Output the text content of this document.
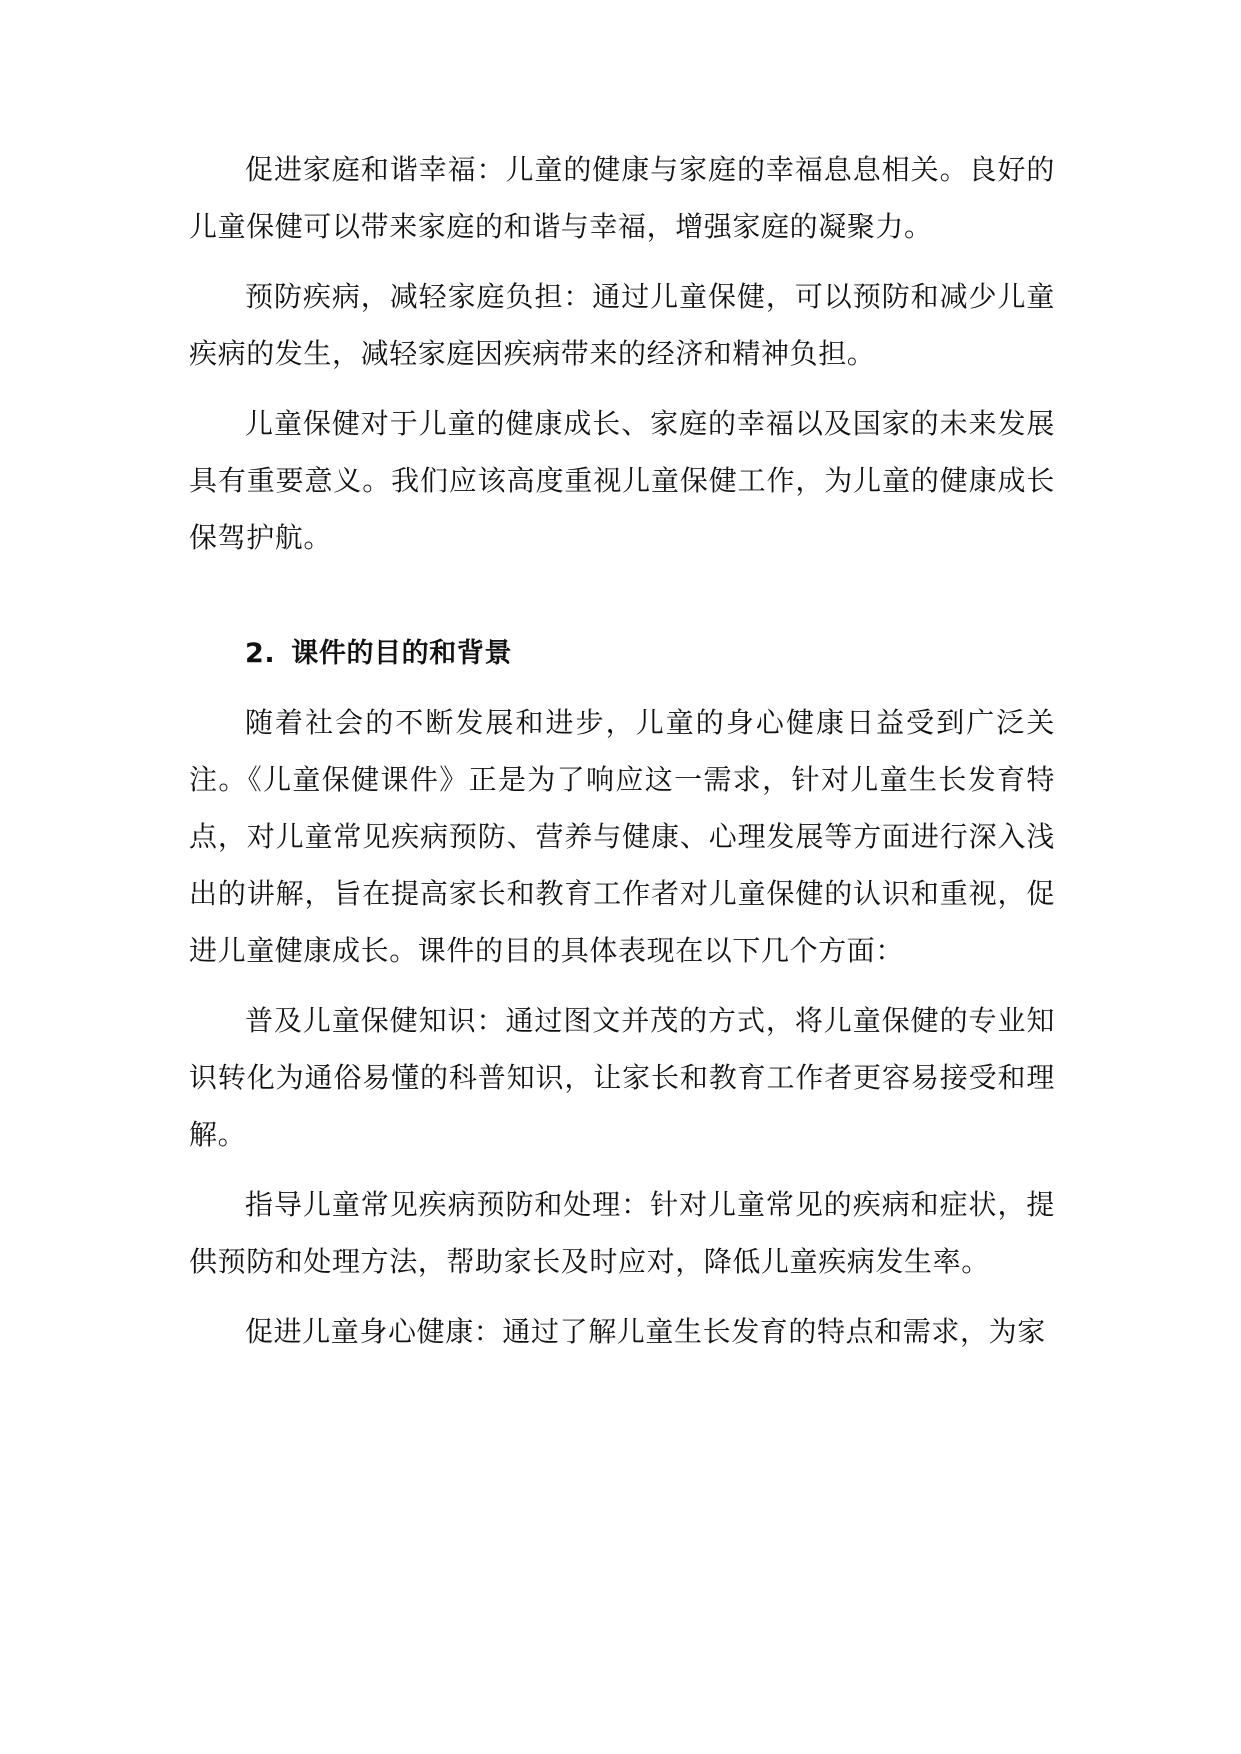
促进家庭和谐幸福：儿童的健康与家庭的幸福息息相关。良好的儿童保健可以带来家庭的和谐与幸福，增强家庭的凝聚力。

预防疾病，减轻家庭负担：通过儿童保健，可以预防和减少儿童疾病的发生，减轻家庭因疾病带来的经济和精神负担。

儿童保健对于儿童的健康成长、家庭的幸福以及国家的未来发展具有重要意义。我们应该高度重视儿童保健工作，为儿童的健康成长保驾护航。

2. 课件的目的和背景

随着社会的不断发展和进步，儿童的身心健康日益受到广泛关注。《儿童保健课件》正是为了响应这一需求，针对儿童生长发育特点，对儿童常见疾病预防、营养与健康、心理发展等方面进行深入浅出的讲解，旨在提高家长和教育工作者对儿童保健的认识和重视，促进儿童健康成长。课件的目的具体表现在以下几个方面：

普及儿童保健知识：通过图文并茂的方式，将儿童保健的专业知识转化为通俗易懂的科普知识，让家长和教育工作者更容易接受和理解。

指导儿童常见疾病预防和处理：针对儿童常见的疾病和症状，提供预防和处理方法，帮助家长及时应对，降低儿童疾病发生率。

促进儿童身心健康：通过了解儿童生长发育的特点和需求，为家
